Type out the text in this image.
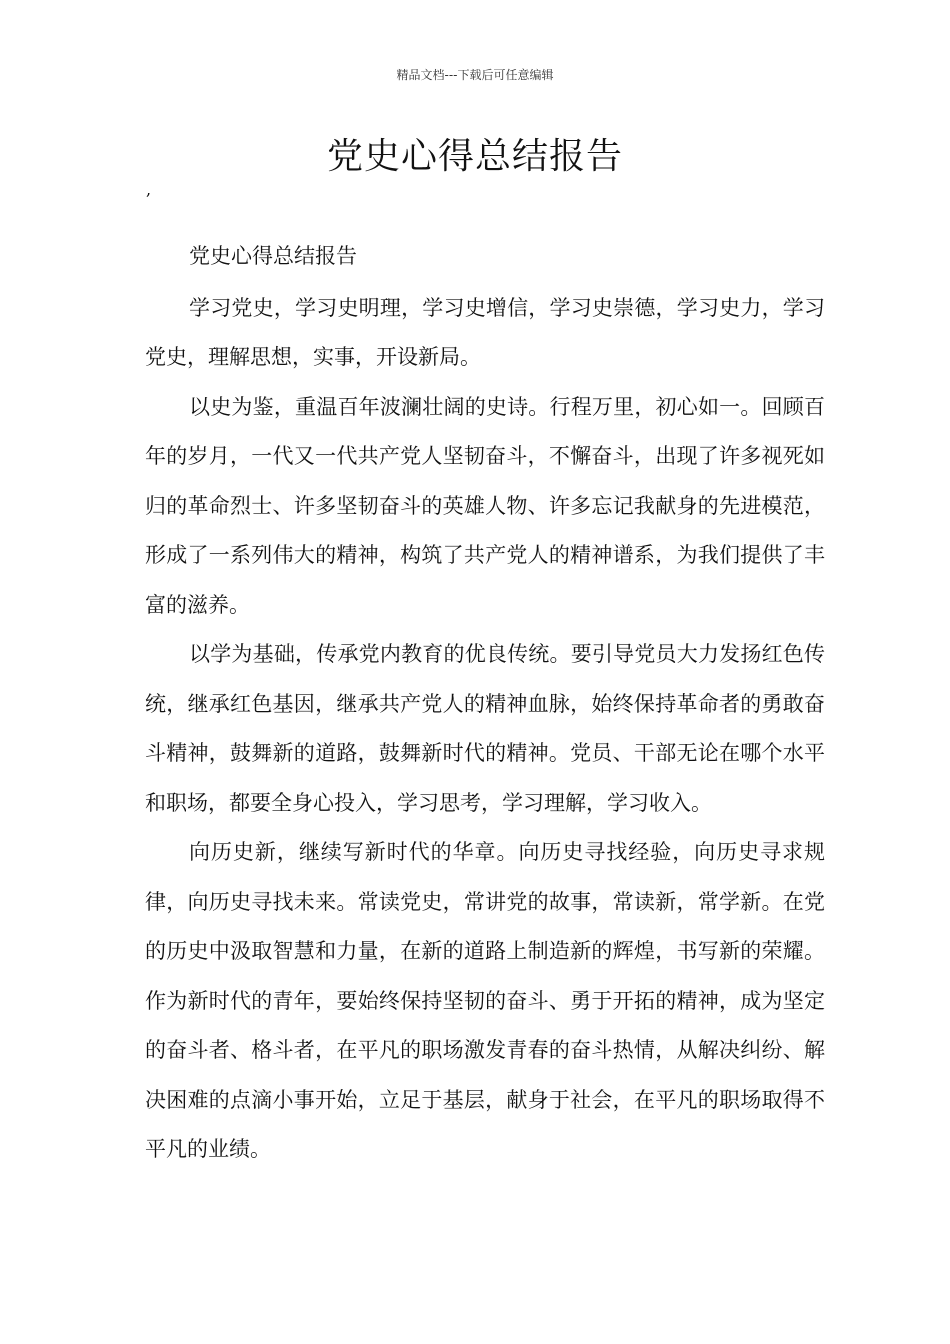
精品文档---下载后可任意编辑
党史心得总结报告
,

党史心得总结报告

学习党史，学习史明理，学习史增信，学习史崇德，学习史力，学习党史，理解思想，实事，开设新局。

以史为鉴，重温百年波澜壮阔的史诗。行程万里，初心如一。回顾百年的岁月，一代又一代共产党人坚韧奋斗，不懈奋斗，出现了许多视死如归的革命烈士、许多坚韧奋斗的英雄人物、许多忘记我献身的先进模范，形成了一系列伟大的精神，构筑了共产党人的精神谱系，为我们提供了丰富的滋养。

以学为基础，传承党内教育的优良传统。要引导党员大力发扬红色传统，继承红色基因，继承共产党人的精神血脉，始终保持革命者的勇敢奋斗精神，鼓舞新的道路，鼓舞新时代的精神。党员、干部无论在哪个水平和职场，都要全身心投入，学习思考，学习理解，学习收入。

向历史新，继续写新时代的华章。向历史寻找经验，向历史寻求规律，向历史寻找未来。常读党史，常讲党的故事，常读新，常学新。在党的历史中汲取智慧和力量，在新的道路上制造新的辉煌，书写新的荣耀。作为新时代的青年，要始终保持坚韧的奋斗、勇于开拓的精神，成为坚定的奋斗者、格斗者，在平凡的职场激发青春的奋斗热情，从解决纠纷、解决困难的点滴小事开始，立足于基层，献身于社会，在平凡的职场取得不平凡的业绩。
